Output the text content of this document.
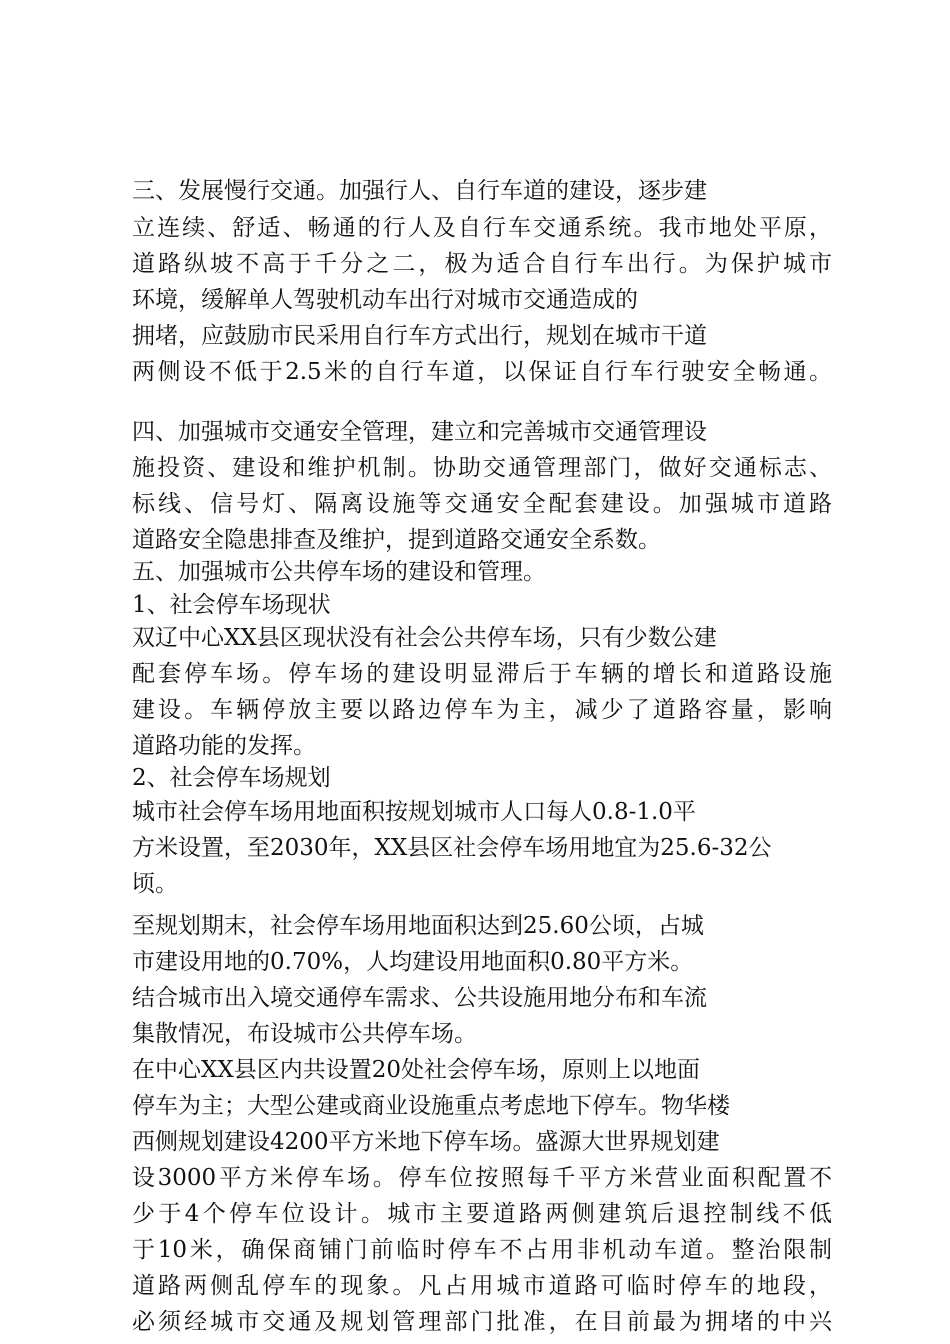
三、发展慢行交通。加强行人、自行车道的建设，逐步建
立连续、舒适、畅通的行人及自行车交通系统。我市地处平原，
道路纵坡不高于千分之二，极为适合自行车出行。为保护城市
环境，缓解单人驾驶机动车出行对城市交通造成的
拥堵，应鼓励市民采用自行车方式出行，规划在城市干道
两侧设不低于2.5米的自行车道，以保证自行车行驶安全畅通。
四、加强城市交通安全管理，建立和完善城市交通管理设
施投资、建设和维护机制。协助交通管理部门，做好交通标志、
标线、信号灯、隔离设施等交通安全配套建设。加强城市道路
道路安全隐患排查及维护，提到道路交通安全系数。
五、加强城市公共停车场的建设和管理。
1、社会停车场现状
双辽中心XX县区现状没有社会公共停车场，只有少数公建
配套停车场。停车场的建设明显滞后于车辆的增长和道路设施
建设。车辆停放主要以路边停车为主，减少了道路容量，影响
道路功能的发挥。
2、社会停车场规划
城市社会停车场用地面积按规划城市人口每人0.8-1.0平
方米设置，至2030年，XX县区社会停车场用地宜为25.6-32公
顷。
至规划期末，社会停车场用地面积达到25.60公顷，占城
市建设用地的0.70%，人均建设用地面积0.80平方米。
结合城市出入境交通停车需求、公共设施用地分布和车流
集散情况，布设城市公共停车场。
在中心XX县区内共设置20处社会停车场，原则上以地面
停车为主；大型公建或商业设施重点考虑地下停车。物华楼
西侧规划建设4200平方米地下停车场。盛源大世界规划建
设3000平方米停车场。停车位按照每千平方米营业面积配置不
少于4个停车位设计。城市主要道路两侧建筑后退控制线不低
于10米，确保商铺门前临时停车不占用非机动车道。整治限制
道路两侧乱停车的现象。凡占用城市道路可临时停车的地段，
必须经城市交通及规划管理部门批准，在目前最为拥堵的中兴
